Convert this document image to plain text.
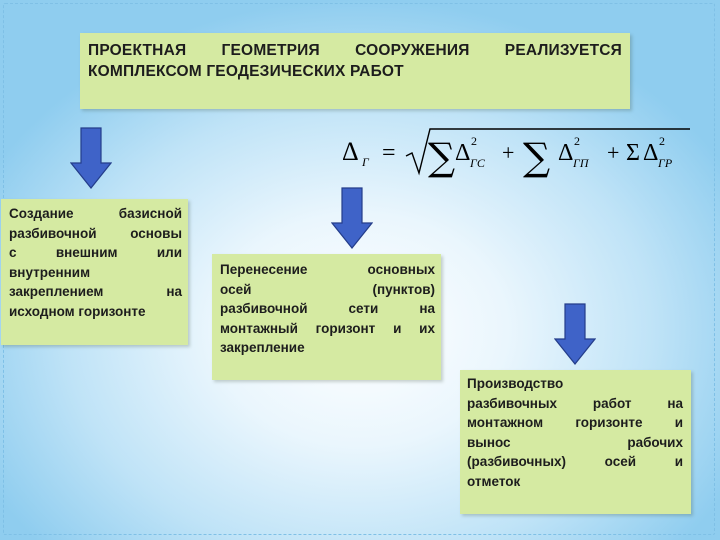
ПРОЕКТНАЯ ГЕОМЕТРИЯ СООРУЖЕНИЯ РЕАЛИЗУЕТСЯ
КОМПЛЕКСОМ ГЕОДЕЗИЧЕСКИХ РАБОТ
Δ Г = ∑ Δ 2
ГС + ∑ Δ 2
ГП + Σ Δ 2
ГР
Создание базисной
разбивочной основы
с внешним или
внутренним
закреплением на
исходном горизонте
Перенесение основных
осей (пунктов)
разбивочной сети на
монтажный горизонт и их
закрепление
Производство
разбивочных работ на
монтажном горизонте и
вынос рабочих
(разбивочных) осей и
отметок
